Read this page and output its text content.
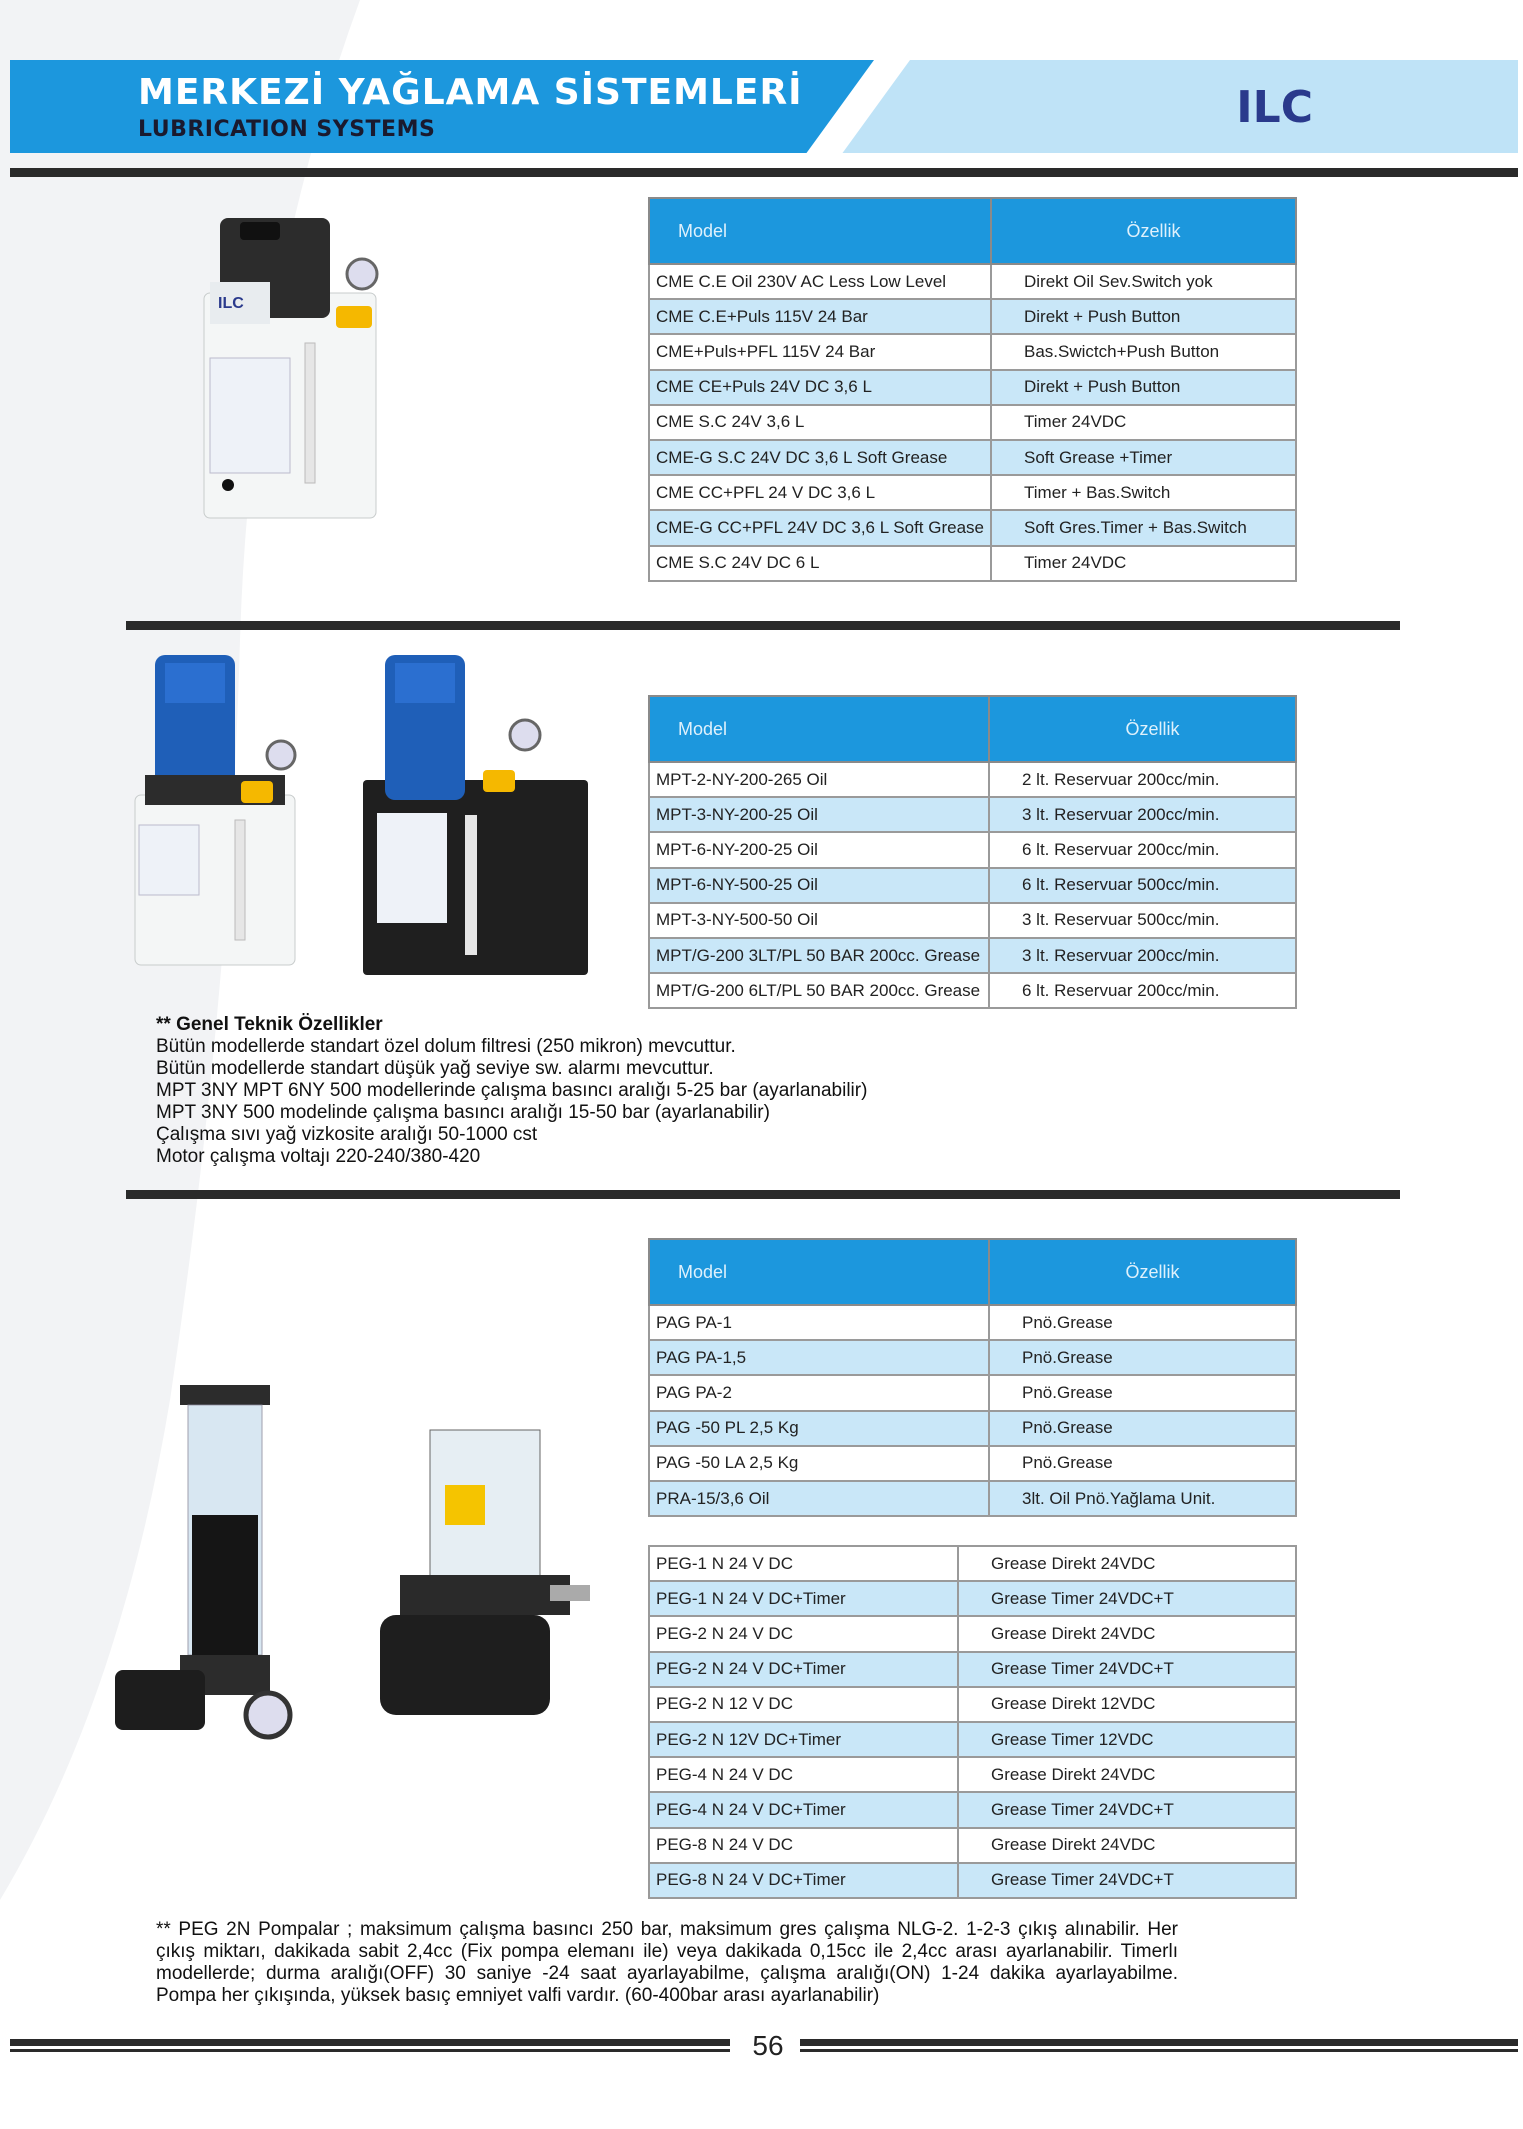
MERKEZİ YAĞLAMA SİSTEMLERİ
LUBRICATION SYSTEMS	ILC
ILC
Model	Özellik
CME C.E Oil 230V AC Less Low Level	Direkt Oil Sev.Switch yok
CME C.E+Puls 115V 24 Bar	Direkt + Push Button
CME+Puls+PFL 115V 24 Bar	Bas.Swictch+Push Button
CME CE+Puls 24V DC 3,6 L	Direkt + Push Button
CME S.C 24V 3,6 L	Timer 24VDC
CME-G S.C 24V DC 3,6 L Soft Grease	Soft Grease +Timer
CME CC+PFL 24 V DC 3,6 L	Timer + Bas.Switch
CME-G CC+PFL 24V DC 3,6 L Soft Grease	Soft Gres.Timer + Bas.Switch
CME S.C 24V DC 6 L	Timer 24VDC
Model	Özellik
MPT-2-NY-200-265 Oil	2 lt. Reservuar 200cc/min.
MPT-3-NY-200-25 Oil	3 lt. Reservuar 200cc/min.
MPT-6-NY-200-25 Oil	6 lt. Reservuar 200cc/min.
MPT-6-NY-500-25 Oil	6 lt. Reservuar 500cc/min.
MPT-3-NY-500-50 Oil	3 lt. Reservuar 500cc/min.
MPT/G-200 3LT/PL 50 BAR 200cc. Grease	3 lt. Reservuar 200cc/min.
MPT/G-200 6LT/PL 50 BAR 200cc. Grease	6 lt. Reservuar 200cc/min.
** Genel Teknik Özellikler
Bütün modellerde standart özel dolum filtresi (250 mikron) mevcuttur.
Bütün modellerde standart düşük yağ seviye sw. alarmı mevcuttur.
MPT 3NY MPT 6NY 500 modellerinde çalışma basıncı aralığı 5-25 bar (ayarlanabilir)
MPT 3NY 500 modelinde çalışma basıncı aralığı 15-50 bar (ayarlanabilir)
Çalışma sıvı yağ vizkosite aralığı 50-1000 cst
Motor çalışma voltajı 220-240/380-420
Model	Özellik
PAG PA-1	Pnö.Grease
PAG PA-1,5	Pnö.Grease
PAG PA-2	Pnö.Grease
PAG -50 PL 2,5 Kg	Pnö.Grease
PAG -50 LA 2,5 Kg	Pnö.Grease
PRA-15/3,6 Oil	3lt. Oil Pnö.Yağlama Unit.
PEG-1 N 24 V DC	Grease Direkt 24VDC
PEG-1 N 24 V DC+Timer	Grease Timer 24VDC+T
PEG-2 N 24 V DC	Grease Direkt 24VDC
PEG-2 N 24 V DC+Timer	Grease Timer 24VDC+T
PEG-2 N 12 V DC	Grease Direkt 12VDC
PEG-2 N 12V DC+Timer	Grease Timer 12VDC
PEG-4 N 24 V DC	Grease Direkt 24VDC
PEG-4 N 24 V DC+Timer	Grease Timer 24VDC+T
PEG-8 N 24 V DC	Grease Direkt 24VDC
PEG-8 N 24 V DC+Timer	Grease Timer 24VDC+T
** PEG 2N Pompalar ; maksimum çalışma basıncı 250 bar, maksimum gres çalışma NLG-2. 1-2-3 çıkış alınabilir. Her çıkış miktarı, dakikada sabit 2,4cc (Fix pompa elemanı ile) veya dakikada 0,15cc ile 2,4cc arası ayarlanabilir. Timerlı modellerde; durma aralığı(OFF) 30 saniye -24 saat ayarlayabilme, çalışma aralığı(ON) 1-24 dakika ayarlayabilme. Pompa her çıkışında, yüksek basıç emniyet valfi vardır. (60-400bar arası ayarlanabilir)
56
